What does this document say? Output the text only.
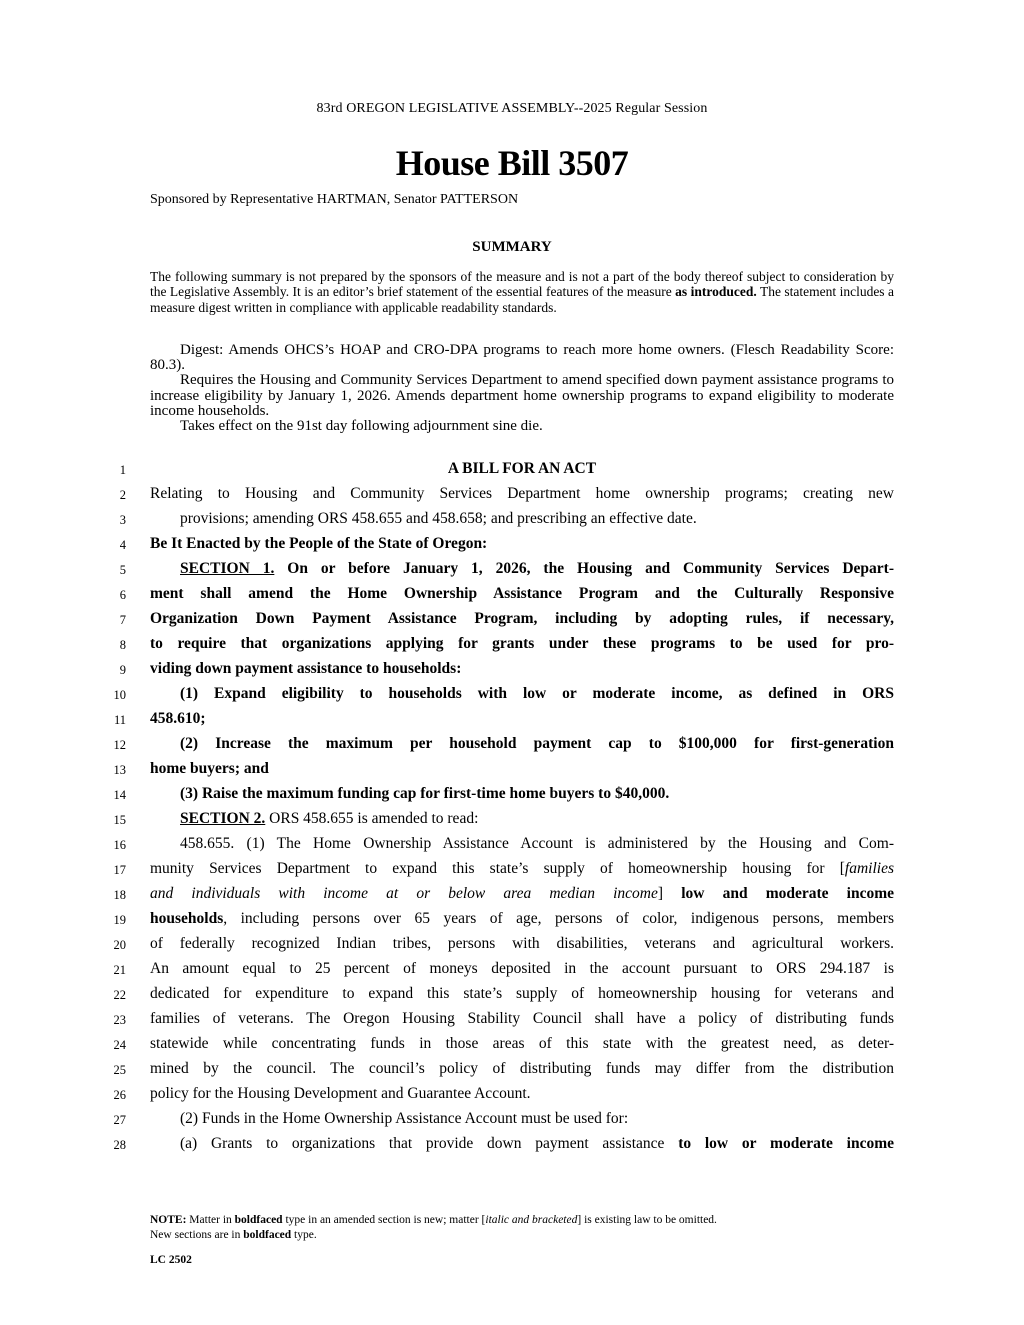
83rd OREGON LEGISLATIVE ASSEMBLY--2025 Regular Session
House Bill 3507
Sponsored by Representative HARTMAN, Senator PATTERSON
SUMMARY
The following summary is not prepared by the sponsors of the measure and is not a part of the body thereof subject to consideration by the Legislative Assembly. It is an editor’s brief statement of the essential features of the measure as introduced. The statement includes a measure digest written in compliance with applicable readability standards.

Digest: Amends OHCS’s HOAP and CRO-DPA programs to reach more home owners. (Flesch Readability Score: 80.3).

Requires the Housing and Community Services Department to amend specified down payment assistance programs to increase eligibility by January 1, 2026. Amends department home ownership programs to expand eligibility to moderate income households.

Takes effect on the 91st day following adjournment sine die.

1
2
3
4
5
6
7
8
9
10
11
12
13
14
15
16
17
18
19
20
21
22
23
24
25
26
27
28
A BILL FOR AN ACT
Relating to Housing and Community Services Department home ownership programs; creating new
provisions; amending ORS 458.655 and 458.658; and prescribing an effective date.
Be It Enacted by the People of the State of Oregon:
SECTION 1. On or before January 1, 2026, the Housing and Community Services Depart-
ment shall amend the Home Ownership Assistance Program and the Culturally Responsive
Organization Down Payment Assistance Program, including by adopting rules, if necessary,
to require that organizations applying for grants under these programs to be used for pro-
viding down payment assistance to households:
(1) Expand eligibility to households with low or moderate income, as defined in ORS
458.610;
(2) Increase the maximum per household payment cap to $100,000 for first-generation
home buyers; and
(3) Raise the maximum funding cap for first-time home buyers to $40,000.
SECTION 2. ORS 458.655 is amended to read:
458.655. (1) The Home Ownership Assistance Account is administered by the Housing and Com-
munity Services Department to expand this state’s supply of homeownership housing for [families
and individuals with income at or below area median income] low and moderate income
households, including persons over 65 years of age, persons of color, indigenous persons, members
of federally recognized Indian tribes, persons with disabilities, veterans and agricultural workers.
An amount equal to 25 percent of moneys deposited in the account pursuant to ORS 294.187 is
dedicated for expenditure to expand this state’s supply of homeownership housing for veterans and
families of veterans. The Oregon Housing Stability Council shall have a policy of distributing funds
statewide while concentrating funds in those areas of this state with the greatest need, as deter-
mined by the council. The council’s policy of distributing funds may differ from the distribution
policy for the Housing Development and Guarantee Account.
(2) Funds in the Home Ownership Assistance Account must be used for:
(a) Grants to organizations that provide down payment assistance to low or moderate income
NOTE: Matter in boldfaced type in an amended section is new; matter [italic and bracketed] is existing law to be omitted.
New sections are in boldfaced type.
LC 2502
